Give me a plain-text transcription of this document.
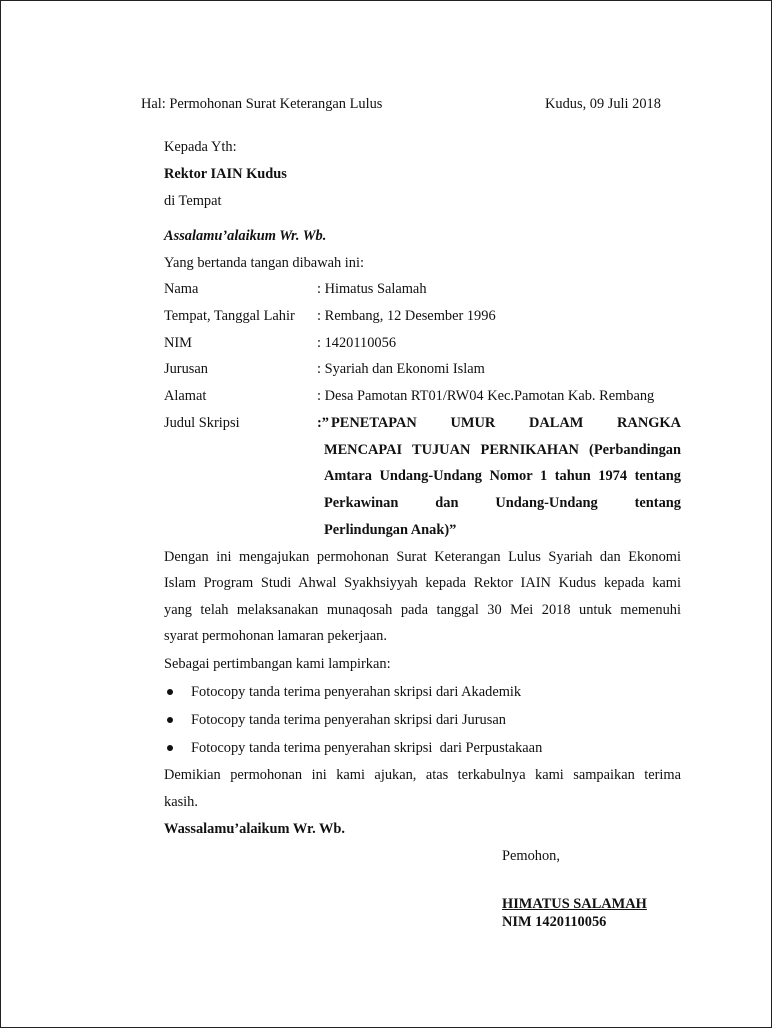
Hal: Permohonan Surat Keterangan Lulus	Kudus, 09 Juli 2018
Kepada Yth:
Rektor IAIN Kudus
di Tempat
Assalamu’alaikum Wr. Wb.
Yang bertanda tangan dibawah ini:
Nama	: Himatus Salamah
Tempat, Tanggal Lahir : Rembang, 12 Desember 1996
NIM	: 1420110056
Jurusan	: Syariah dan Ekonomi Islam
Alamat	: Desa Pamotan RT01/RW04 Kec.Pamotan Kab. Rembang
Judul Skripsi	:” PENETAPAN UMUR DALAM RANGKA
MENCAPAI TUJUAN PERNIKAHAN (Perbandingan
Amtara Undang-Undang Nomor 1 tahun 1974 tentang
Perkawinan dan Undang-Undang tentang
Perlindungan Anak)”
Dengan ini mengajukan permohonan Surat Keterangan Lulus Syariah dan Ekonomi
Islam Program Studi Ahwal Syakhsiyyah kepada Rektor IAIN Kudus kepada kami
yang telah melaksanakan munaqosah pada tanggal 30 Mei 2018 untuk memenuhi
syarat permohonan lamaran pekerjaan.
Sebagai pertimbangan kami lampirkan:
Fotocopy tanda terima penyerahan skripsi dari Akademik
Fotocopy tanda terima penyerahan skripsi dari Jurusan
Fotocopy tanda terima penyerahan skripsi  dari Perpustakaan
Demikian permohonan ini kami ajukan, atas terkabulnya kami sampaikan terima
kasih.
Wassalamu’alaikum Wr. Wb.
Pemohon,
HIMATUS SALAMAH
NIM 1420110056
